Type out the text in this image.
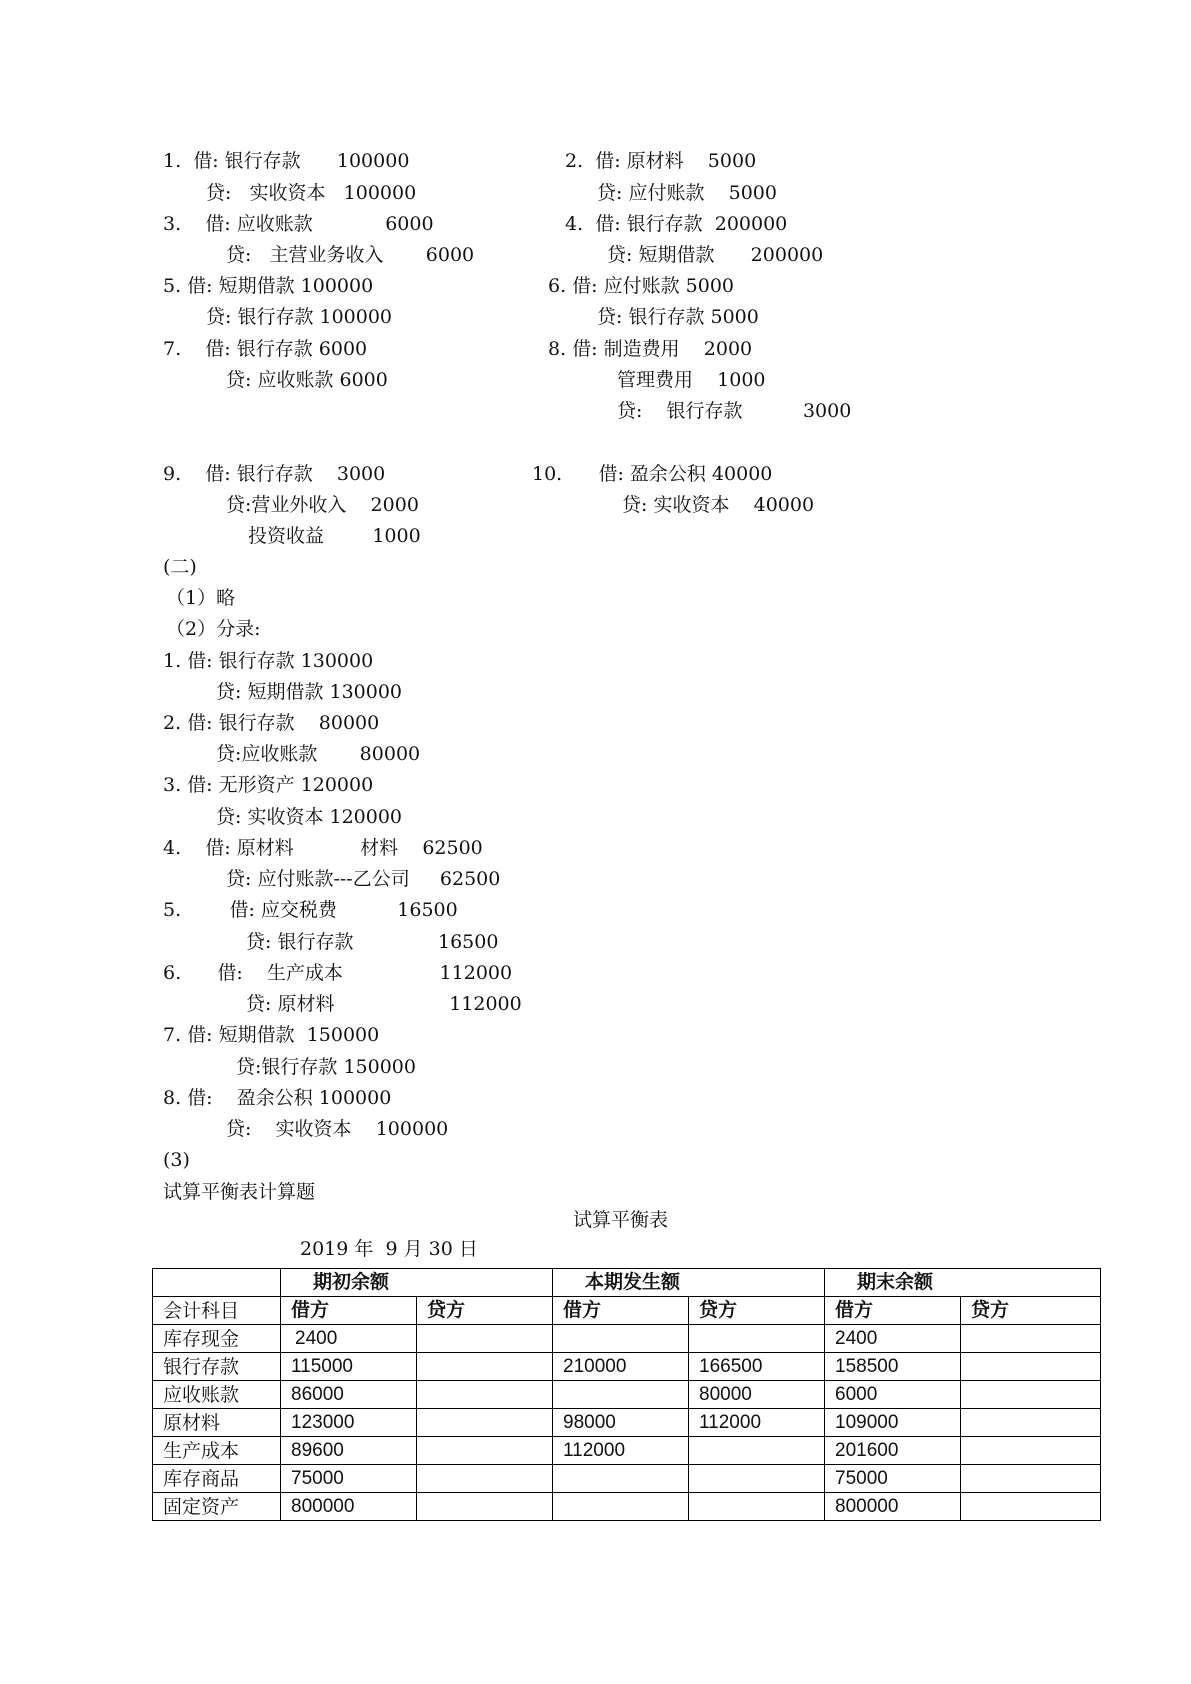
1.  借: 银行存款      100000
贷:   实收资本   100000
2.  借: 原材料    5000
贷: 应付账款    5000
3.    借: 应收账款            6000
贷:   主营业务收入       6000
4.  借: 银行存款  200000
贷: 短期借款      200000
5. 借: 短期借款 100000
贷: 银行存款 100000
6. 借: 应付账款 5000
贷: 银行存款 5000
7.    借: 银行存款 6000
贷: 应收账款 6000
8. 借: 制造费用    2000
管理费用    1000
贷:    银行存款          3000
9.    借: 银行存款    3000
贷:营业外收入    2000
投资收益        1000
10.      借: 盈余公积 40000
贷: 实收资本    40000
(二)
（1）略
（2）分录:
1. 借: 银行存款 130000
贷: 短期借款 130000
2. 借: 银行存款    80000
贷:应收账款       80000
3. 借: 无形资产 120000
贷: 实收资本 120000
4.    借: 原材料           材料    62500
贷: 应付账款---乙公司     62500
5.        借: 应交税费          16500
贷: 银行存款              16500
6.      借:    生产成本                112000
贷: 原材料                   112000
7. 借: 短期借款  150000
贷:银行存款 150000
8. 借:    盈余公积 100000
贷:    实收资本    100000
(3)
试算平衡表计算题
试算平衡表
2019 年  9 月 30 日
	期初余额		本期发生额		期末余额	
会计科目	借方	贷方	借方	贷方	借方	贷方
库存现金	2400				2400	
银行存款	115000		210000	166500	158500	
应收账款	86000			80000	6000	
原材料	123000		98000	112000	109000	
生产成本	89600		112000		201600	
库存商品	75000				75000	
固定资产	800000				800000	
